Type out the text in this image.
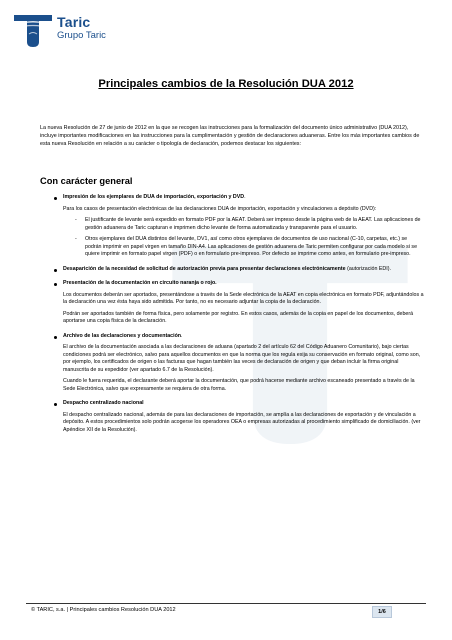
Taric
Grupo Taric
Principales cambios de la Resolución DUA 2012
La nueva Resolución de 27 de junio de 2012 en la que se recogen las instrucciones para la formalización del documento único administrativo (DUA 2012), incluye importantes modificaciones en las instrucciones para la cumplimentación y gestión de declaraciones aduaneras. Entre los más importantes cambios de esta nueva Resolución en relación a su carácter o tipología de declaración, podemos destacar los siguientes:
Con carácter general

Impresión de los ejemplares de DUA de importación, exportación y DVD.

Para los casos de presentación electrónicas de las declaraciones DUA de importación, exportación y vinculaciones a depósito (DVD):

- El justificante de levante será expedido en formato PDF por la AEAT. Deberá ser impreso desde la página web de la AEAT. Las aplicaciones de gestión aduanera de Taric capturan e imprimen dicho levante de forma automatizada y transparente para el usuario.

- Otros ejemplares del DUA distintos del levante, DV1, así como otros ejemplares de documentos de uso nacional (C-10, carpetas, etc.) se podrán imprimir en papel virgen en tamaño DIN-A4. Las aplicaciones de gestión aduanera de Taric permiten configurar por cada modelo si se quiere imprimir en formato papel virgen (PDF) o en formulario pre-impreso. Por defecto se imprime como antes, en formulario pre-impreso.

Desaparición de la necesidad de solicitud de autorización previa para presentar declaraciones electrónicamente (autorización EDI).

Presentación de la documentación en circuito naranja o rojo.

Los documentos deberán ser aportados, presentándose a través de la Sede electrónica de la AEAT en copia electrónica en formato PDF, adjuntándolos a la declaración una vez ésta haya sido admitida. Por tanto, no es necesario adjuntar la copia de la declaración.

Podrán ser aportados también de forma física, pero solamente por registro. En estos casos, además de la copia en papel de los documentos, deberá aportarse una copia física de la declaración.

Archivo de las declaraciones y documentación.

El archivo de la documentación asociada a las declaraciones de aduana (apartado 2 del artículo 62 del Código Aduanero Comunitario), bajo ciertas condiciones podrá ser electrónico, salvo para aquellos documentos en que la norma que los regula exija su conservación en formato original, como son, por ejemplo, los certificados de origen o las facturas que hagan también las veces de declaración de origen y que deban incluir la firma original manuscrita de su expedidor (ver apartado 6.7 de la Resolución).

Cuando le fuera requerida, el declarante deberá aportar la documentación, que podrá hacerse mediante archivo escaneado presentado a través de la Sede Electrónica, salvo que expresamente se requiera de otra forma.

Despacho centralizado nacional

El despacho centralizado nacional, además de para las declaraciones de importación, se amplía a las declaraciones de exportación y de vinculación a depósito. A estos procedimientos solo podrán acogerse los operadores OEA o empresas autorizadas al procedimiento simplificado de domiciliación. (ver Apéndice XII de la Resolución).

© TARIC, s.a. | Principales cambios Resolución DUA 2012	1/6
